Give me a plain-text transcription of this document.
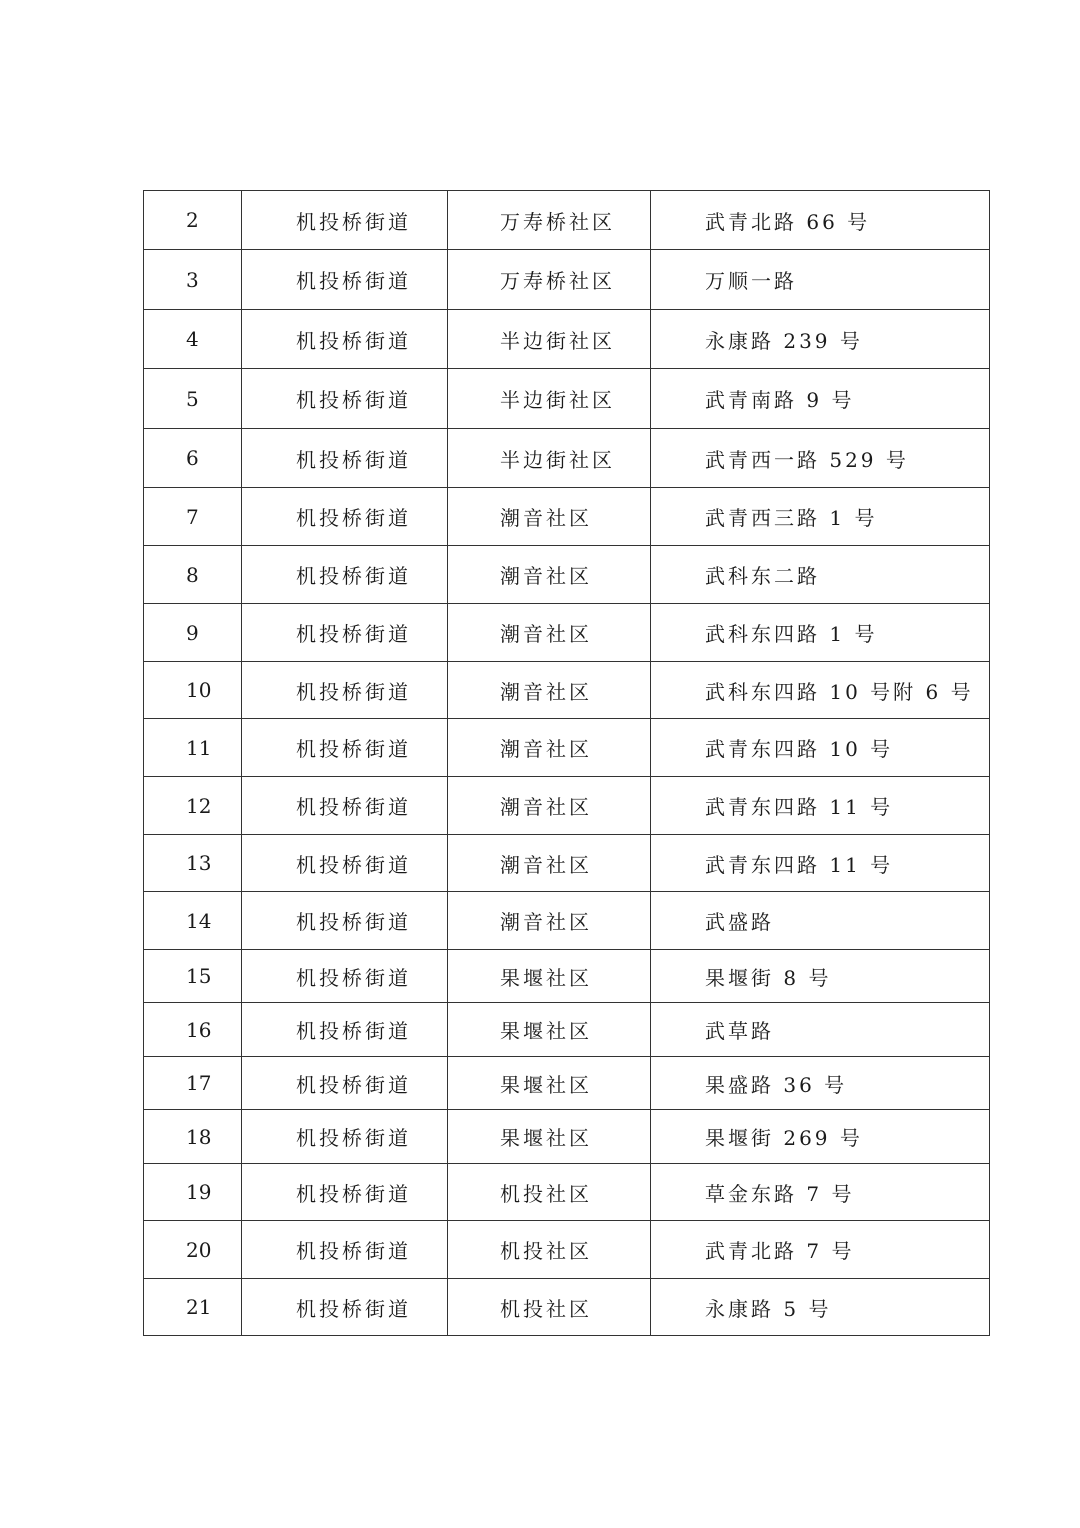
2	机投桥街道	万寿桥社区	武青北路 66 号
3	机投桥街道	万寿桥社区	万顺一路
4	机投桥街道	半边街社区	永康路 239 号
5	机投桥街道	半边街社区	武青南路 9 号
6	机投桥街道	半边街社区	武青西一路 529 号
7	机投桥街道	潮音社区	武青西三路 1 号
8	机投桥街道	潮音社区	武科东二路
9	机投桥街道	潮音社区	武科东四路 1 号
10	机投桥街道	潮音社区	武科东四路 10 号附 6 号
11	机投桥街道	潮音社区	武青东四路 10 号
12	机投桥街道	潮音社区	武青东四路 11 号
13	机投桥街道	潮音社区	武青东四路 11 号
14	机投桥街道	潮音社区	武盛路
15	机投桥街道	果堰社区	果堰街 8 号
16	机投桥街道	果堰社区	武草路
17	机投桥街道	果堰社区	果盛路 36 号
18	机投桥街道	果堰社区	果堰街 269 号
19	机投桥街道	机投社区	草金东路 7 号
20	机投桥街道	机投社区	武青北路 7 号
21	机投桥街道	机投社区	永康路 5 号
